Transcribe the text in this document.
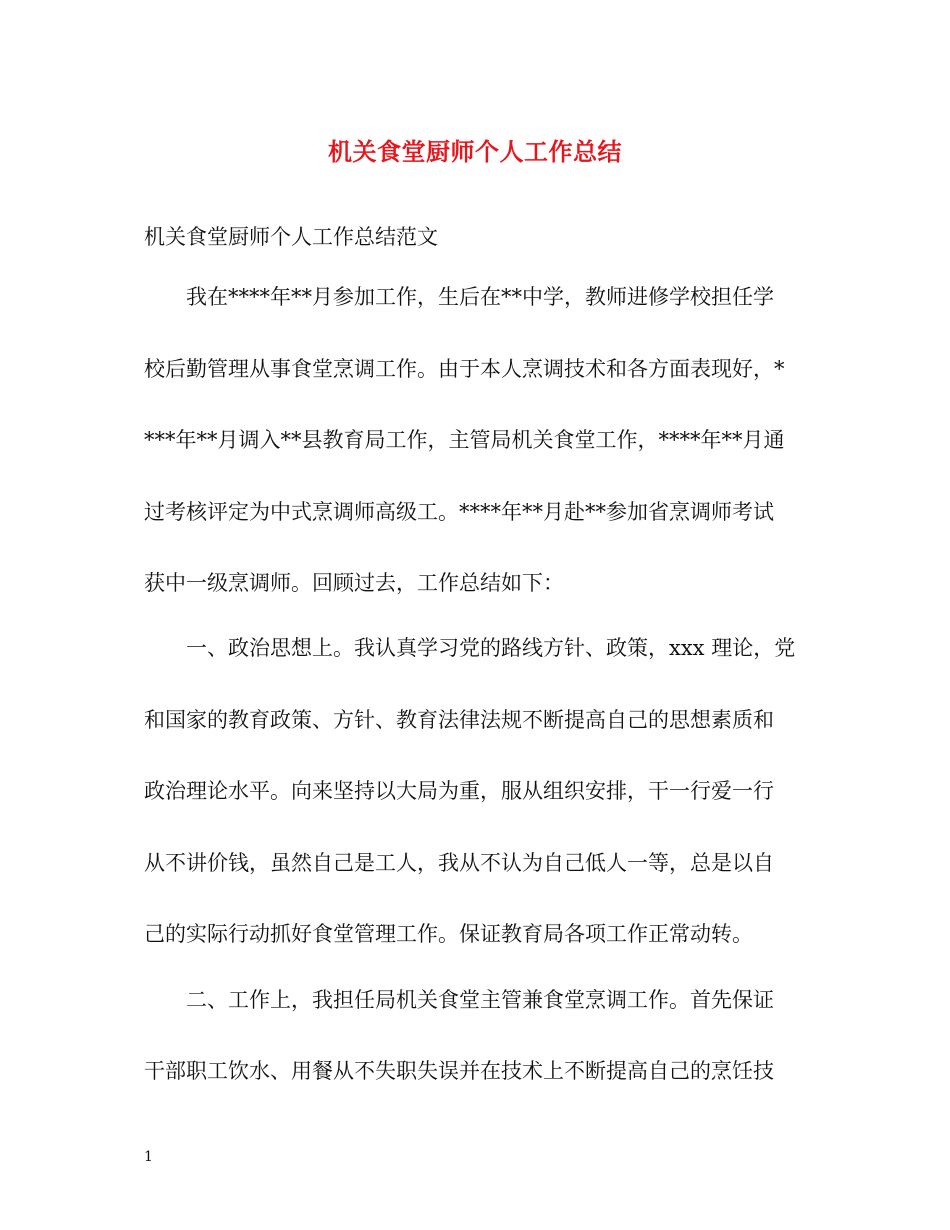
机关食堂厨师个人工作总结
机关食堂厨师个人工作总结范文
我在****年**月参加工作，生后在**中学，教师进修学校担任学
校后勤管理从事食堂烹调工作。由于本人烹调技术和各方面表现好，*
***年**月调入**县教育局工作，主管局机关食堂工作，****年**月通
过考核评定为中式烹调师高级工。****年**月赴**参加省烹调师考试
获中一级烹调师。回顾过去，工作总结如下：
一、政治思想上。我认真学习党的路线方针、政策，xxx 理论，党
和国家的教育政策、方针、教育法律法规不断提高自己的思想素质和
政治理论水平。向来坚持以大局为重，服从组织安排，干一行爱一行
从不讲价钱，虽然自己是工人，我从不认为自己低人一等，总是以自
己的实际行动抓好食堂管理工作。保证教育局各项工作正常动转。
二、工作上，我担任局机关食堂主管兼食堂烹调工作。首先保证
干部职工饮水、用餐从不失职失误并在技术上不断提高自己的烹饪技
1
